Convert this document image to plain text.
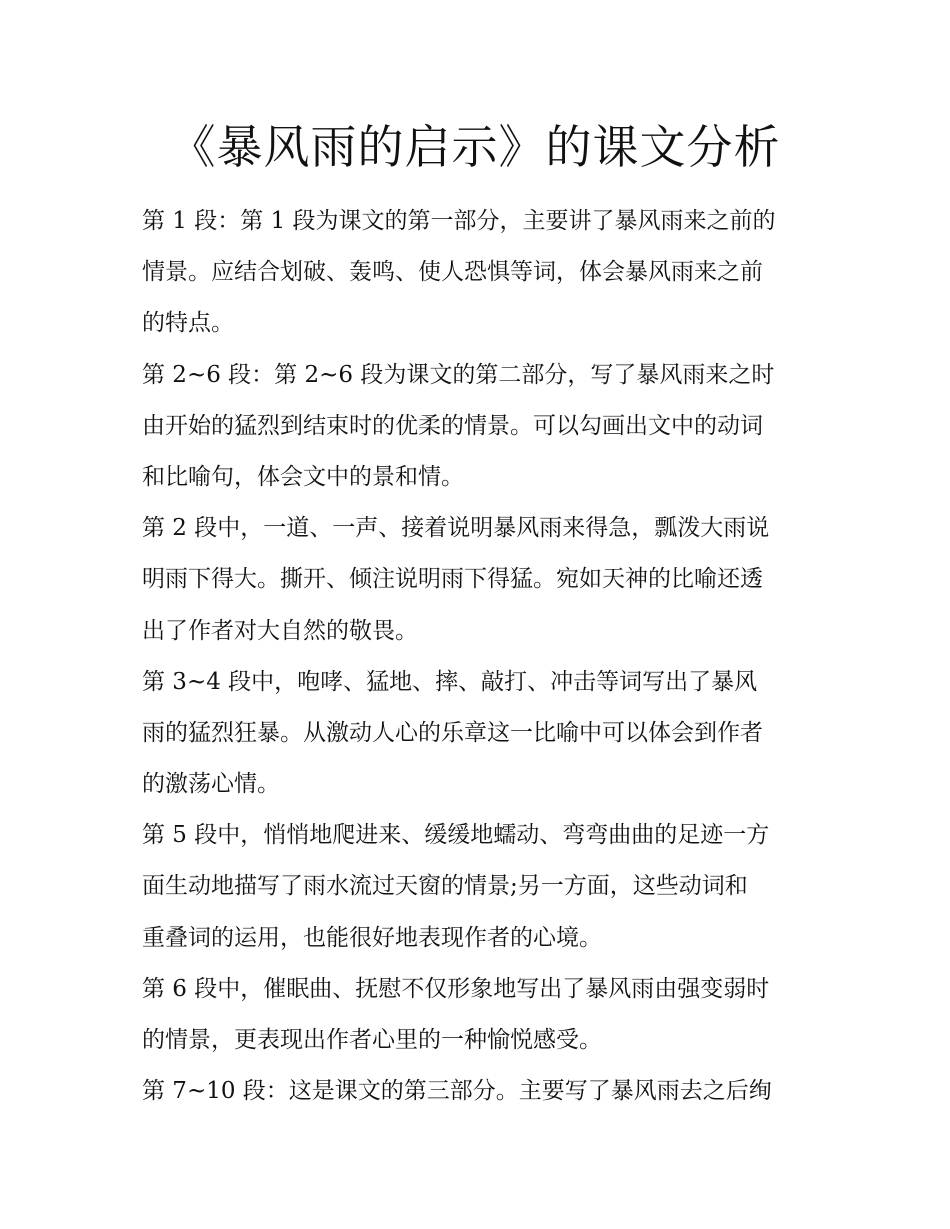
《暴风雨的启示》的课文分析

第 1 段：第 1 段为课文的第一部分，主要讲了暴风雨来之前的
情景。应结合划破、轰鸣、使人恐惧等词，体会暴风雨来之前
的特点。

第 2~6 段：第 2~6 段为课文的第二部分，写了暴风雨来之时
由开始的猛烈到结束时的优柔的情景。可以勾画出文中的动词
和比喻句，体会文中的景和情。

第 2 段中，一道、一声、接着说明暴风雨来得急，瓢泼大雨说
明雨下得大。撕开、倾注说明雨下得猛。宛如天神的比喻还透
出了作者对大自然的敬畏。

第 3~4 段中，咆哮、猛地、摔、敲打、冲击等词写出了暴风
雨的猛烈狂暴。从激动人心的乐章这一比喻中可以体会到作者
的激荡心情。

第 5 段中，悄悄地爬进来、缓缓地蠕动、弯弯曲曲的足迹一方
面生动地描写了雨水流过天窗的情景;另一方面，这些动词和
重叠词的运用，也能很好地表现作者的心境。

第 6 段中，催眠曲、抚慰不仅形象地写出了暴风雨由强变弱时
的情景，更表现出作者心里的一种愉悦感受。

第 7~10 段：这是课文的第三部分。主要写了暴风雨去之后绚
